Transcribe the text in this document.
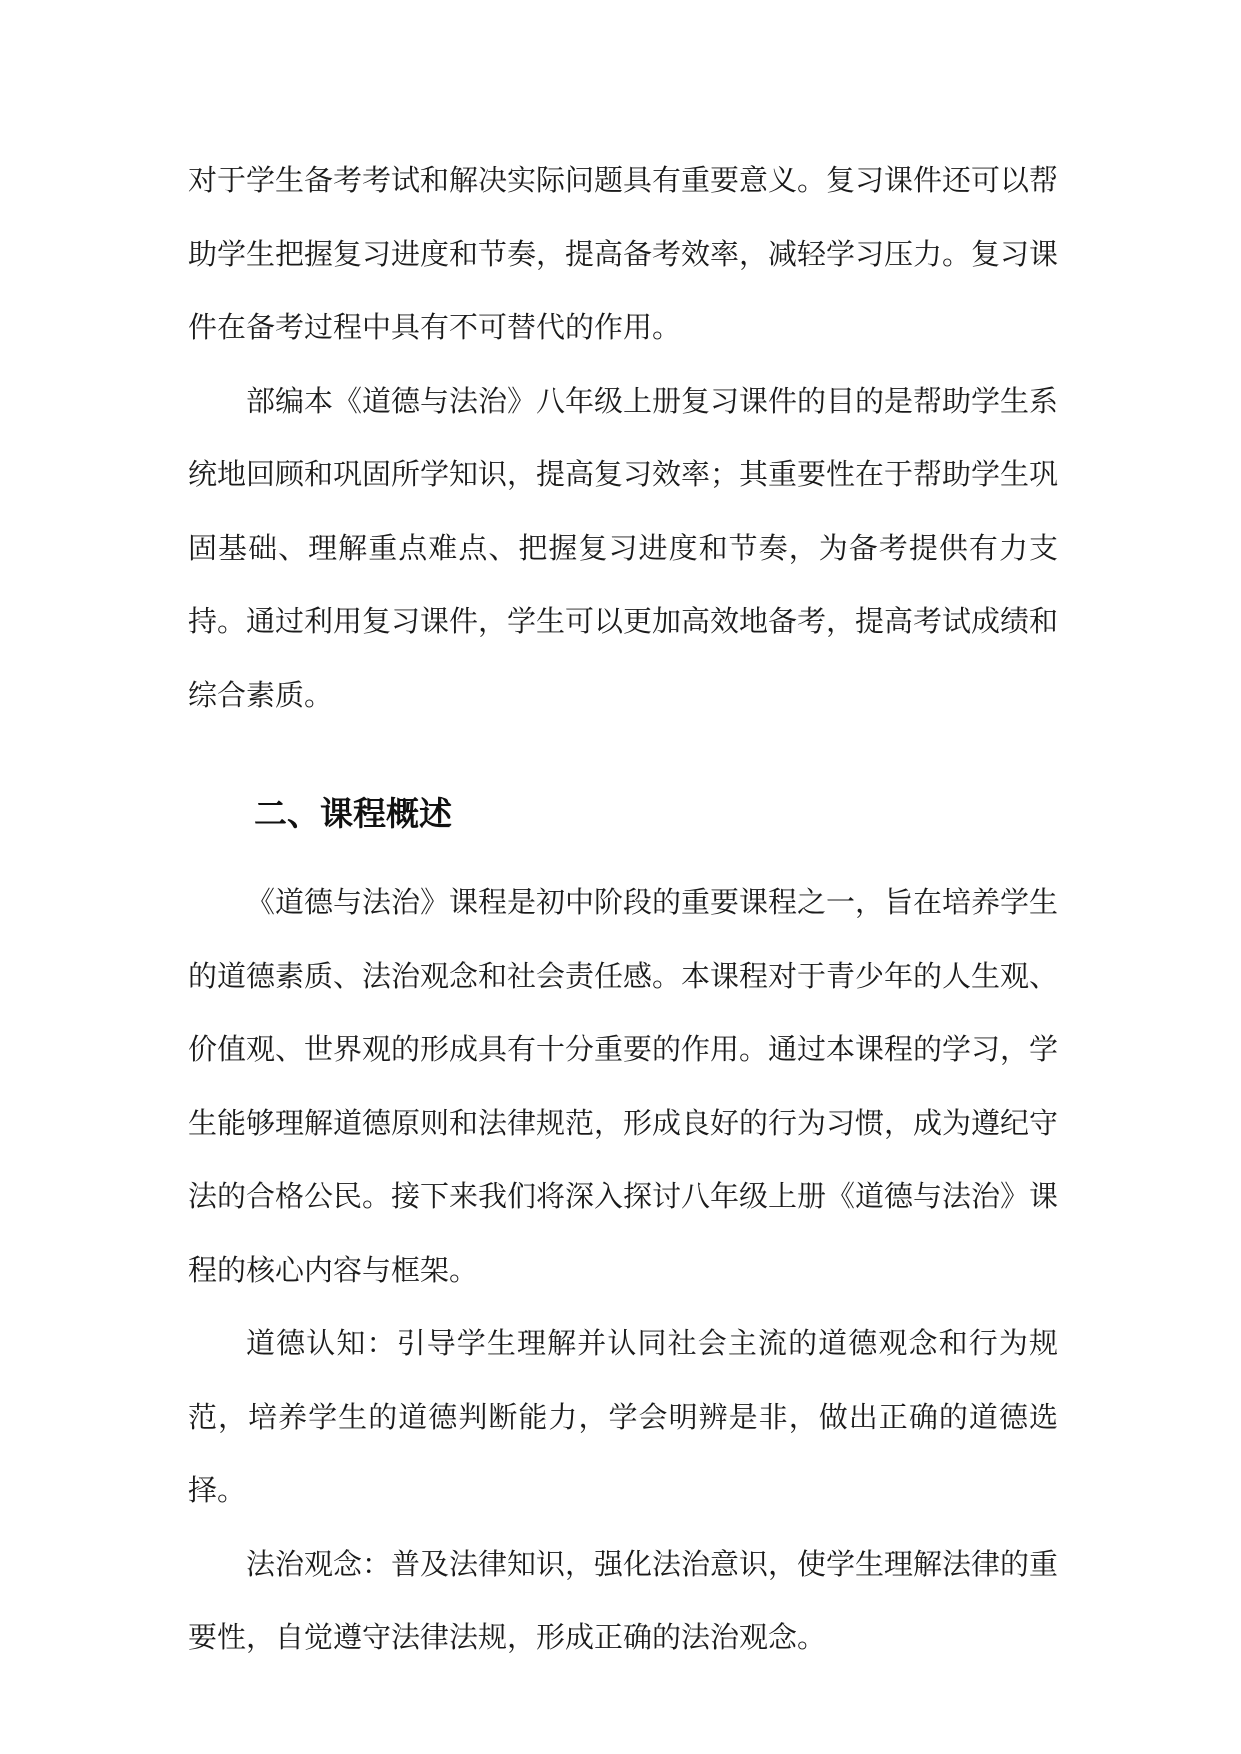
对于学生备考考试和解决实际问题具有重要意义。复习课件还可以帮助学生把握复习进度和节奏，提高备考效率，减轻学习压力。复习课件在备考过程中具有不可替代的作用。

部编本《道德与法治》八年级上册复习课件的目的是帮助学生系统地回顾和巩固所学知识，提高复习效率；其重要性在于帮助学生巩固基础、理解重点难点、把握复习进度和节奏，为备考提供有力支持。通过利用复习课件，学生可以更加高效地备考，提高考试成绩和综合素质。

二、课程概述

《道德与法治》课程是初中阶段的重要课程之一，旨在培养学生的道德素质、法治观念和社会责任感。本课程对于青少年的人生观、价值观、世界观的形成具有十分重要的作用。通过本课程的学习，学生能够理解道德原则和法律规范，形成良好的行为习惯，成为遵纪守法的合格公民。接下来我们将深入探讨八年级上册《道德与法治》课程的核心内容与框架。

道德认知：引导学生理解并认同社会主流的道德观念和行为规范，培养学生的道德判断能力，学会明辨是非，做出正确的道德选择。

法治观念：普及法律知识，强化法治意识，使学生理解法律的重要性，自觉遵守法律法规，形成正确的法治观念。
